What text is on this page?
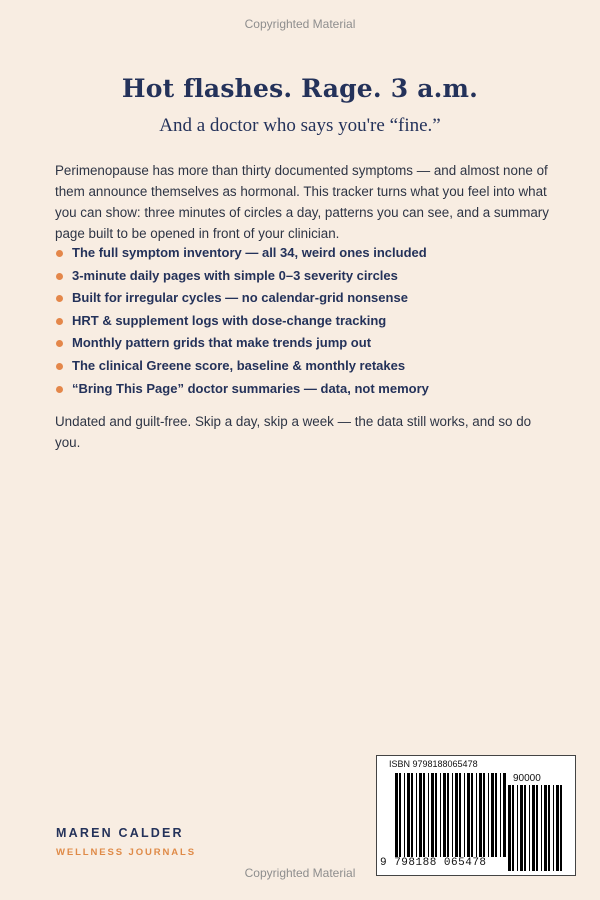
Copyrighted Material
Hot flashes. Rage. 3 a.m.
And a doctor who says you're “fine.”

Perimenopause has more than thirty documented symptoms — and almost none of them announce themselves as hormonal. This tracker turns what you feel into what you can show: three minutes of circles a day, patterns you can see, and a summary page built to be opened in front of your clinician.

The full symptom inventory — all 34, weird ones included
3-minute daily pages with simple 0–3 severity circles
Built for irregular cycles — no calendar-grid nonsense
HRT & supplement logs with dose-change tracking
Monthly pattern grids that make trends jump out
The clinical Greene score, baseline & monthly retakes
“Bring This Page” doctor summaries — data, not memory

Undated and guilt-free. Skip a day, skip a week — the data still works, and so do you.

MAREN CALDER
WELLNESS JOURNALS
ISBN 9798188065478
90000
9 798188 065478
Copyrighted Material
